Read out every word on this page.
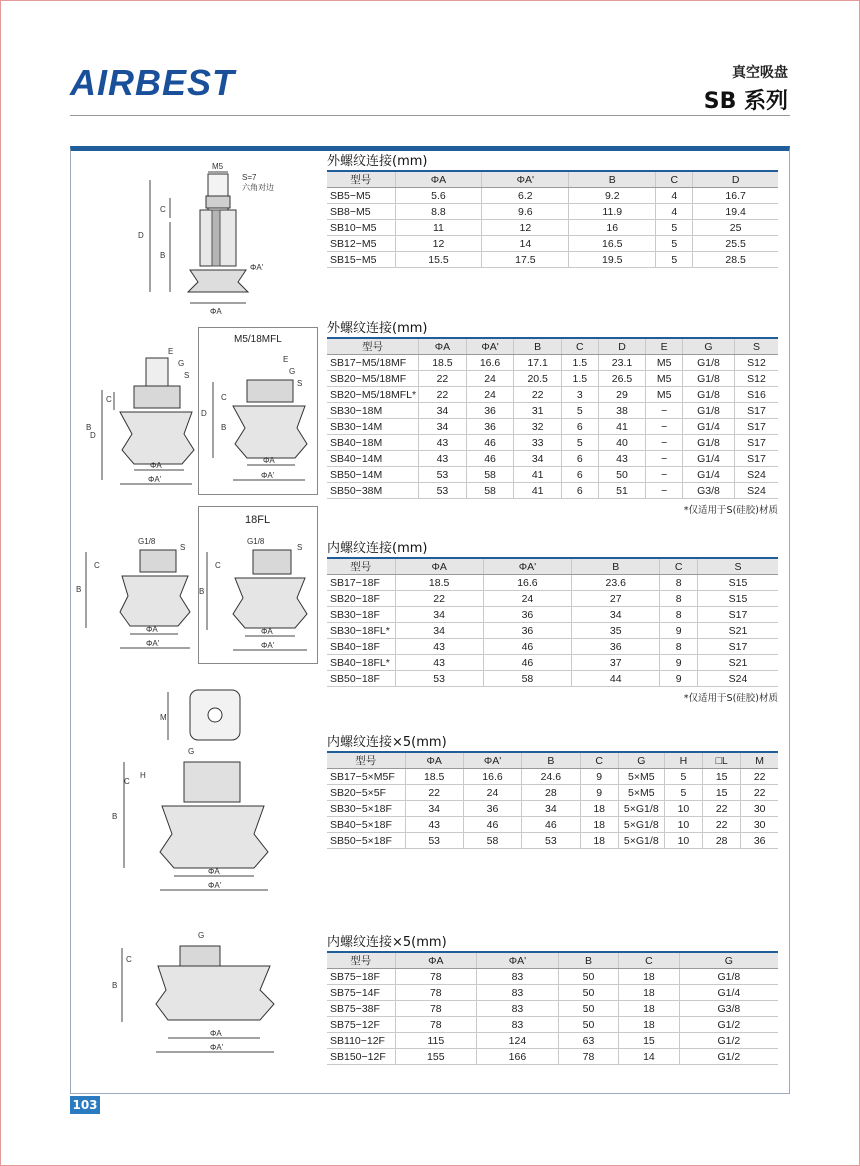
AIRBEST	真空吸盘
SB 系列
M5
S=7
六角对边
D
C
B
ΦA'
ΦA
E
G
S
D
C
B
ΦA
ΦA'
M5/18MFL
E
G
S
D
C
B
ΦA
ΦA'
G1/8
S
B
C
ΦA
ΦA'
18FL
G1/8
S
B
C
ΦA
ΦA'
M
G
B
C
H
ΦA
ΦA'
G
B
C
ΦA
ΦA'
外螺纹连接(mm)
型号	ΦA	ΦA'	B	C	D
SB5−M5	5.6	6.2	9.2	4	16.7
SB8−M5	8.8	9.6	11.9	4	19.4
SB10−M5	11	12	16	5	25
SB12−M5	12	14	16.5	5	25.5
SB15−M5	15.5	17.5	19.5	5	28.5
外螺纹连接(mm)
型号	ΦA	ΦA'	B	C	D	E	G	S
SB17−M5/18MF	18.5	16.6	17.1	1.5	23.1	M5	G1/8	S12
SB20−M5/18MF	22	24	20.5	1.5	26.5	M5	G1/8	S12
SB20−M5/18MFL*	22	24	22	3	29	M5	G1/8	S16
SB30−18M	34	36	31	5	38	−	G1/8	S17
SB30−14M	34	36	32	6	41	−	G1/4	S17
SB40−18M	43	46	33	5	40	−	G1/8	S17
SB40−14M	43	46	34	6	43	−	G1/4	S17
SB50−14M	53	58	41	6	50	−	G1/4	S24
SB50−38M	53	58	41	6	51	−	G3/8	S24
*仅适用于S(硅胶)材质
内螺纹连接(mm)
型号	ΦA	ΦA'	B	C	S
SB17−18F	18.5	16.6	23.6	8	S15
SB20−18F	22	24	27	8	S15
SB30−18F	34	36	34	8	S17
SB30−18FL*	34	36	35	9	S21
SB40−18F	43	46	36	8	S17
SB40−18FL*	43	46	37	9	S21
SB50−18F	53	58	44	9	S24
*仅适用于S(硅胶)材质
内螺纹连接×5(mm)
型号	ΦA	ΦA'	B	C	G	H	□L	M
SB17−5×M5F	18.5	16.6	24.6	9	5×M5	5	15	22
SB20−5×5F	22	24	28	9	5×M5	5	15	22
SB30−5×18F	34	36	34	18	5×G1/8	10	22	30
SB40−5×18F	43	46	46	18	5×G1/8	10	22	30
SB50−5×18F	53	58	53	18	5×G1/8	10	28	36
内螺纹连接×5(mm)
型号	ΦA	ΦA'	B	C	G
SB75−18F	78	83	50	18	G1/8
SB75−14F	78	83	50	18	G1/4
SB75−38F	78	83	50	18	G3/8
SB75−12F	78	83	50	18	G1/2
SB110−12F	115	124	63	15	G1/2
SB150−12F	155	166	78	14	G1/2
103
